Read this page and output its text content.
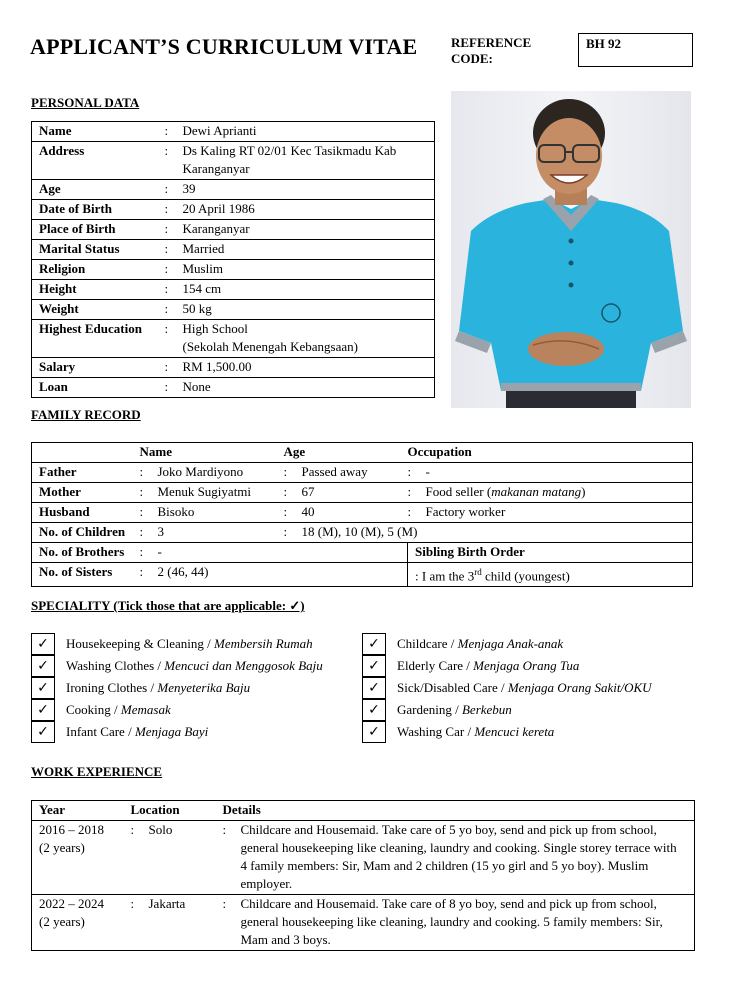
APPLICANT’S CURRICULUM VITAE	REFERENCE
CODE:
BH 92
PERSONAL DATA
Name	:	Dewi Aprianti
Address	:	Ds Kaling RT 02/01 Kec Tasikmadu Kab
Karanganyar

Age	:	39
Date of Birth	:	20 April 1986
Place of Birth	:	Karanganyar
Marital Status	:	Married
Religion	:	Muslim
Height	:	154 cm
Weight	:	50 kg
Highest Education	:	High School
(Sekolah Menengah Kebangsaan)

Salary	:	RM 1,500.00
Loan	:	None
FAMILY RECORD
	Name		Age		Occupation	
Father	:	Joko Mardiyono	:	Passed away	:	-
Mother	:	Menuk Sugiyatmi	:	67	:	Food seller (makanan matang)
Husband	:	Bisoko	:	40	:	Factory worker
No. of Children	:	3	:	18 (M), 10 (M), 5 (M)		
No. of Brothers	:	-			Sibling Birth Order	
No. of Sisters	:	2 (46, 44)			: I am the 3rd child (youngest)	
SPECIALITY (Tick those that are applicable: ✓)
✓	Housekeeping & Cleaning / Membersih Rumah
✓	Washing Clothes / Mencuci dan Menggosok Baju
✓	Ironing Clothes / Menyeterika Baju
✓	Cooking / Memasak
✓	Infant Care / Menjaga Bayi
✓	Childcare / Menjaga Anak-anak
✓	Elderly Care / Menjaga Orang Tua
✓	Sick/Disabled Care / Menjaga Orang Sakit/OKU
✓	Gardening / Berkebun
✓	Washing Car / Mencuci kereta
WORK EXPERIENCE
Year	Location		Details	

2016 – 2018
(2 years)	:	Solo	:	Childcare and Housemaid. Take care of 5 yo boy, send and pick up from school, general housekeeping like cleaning, laundry and cooking. Single storey terrace with 4 family members: Sir, Mam and 2 children (15 yo girl and 5 yo boy). Muslim employer.

2022 – 2024
(2 years)	:	Jakarta	:	Childcare and Housemaid. Take care of 8 yo boy, send and pick up from school, general housekeeping like cleaning, laundry and cooking. 5 family members: Sir, Mam and 3 boys.
